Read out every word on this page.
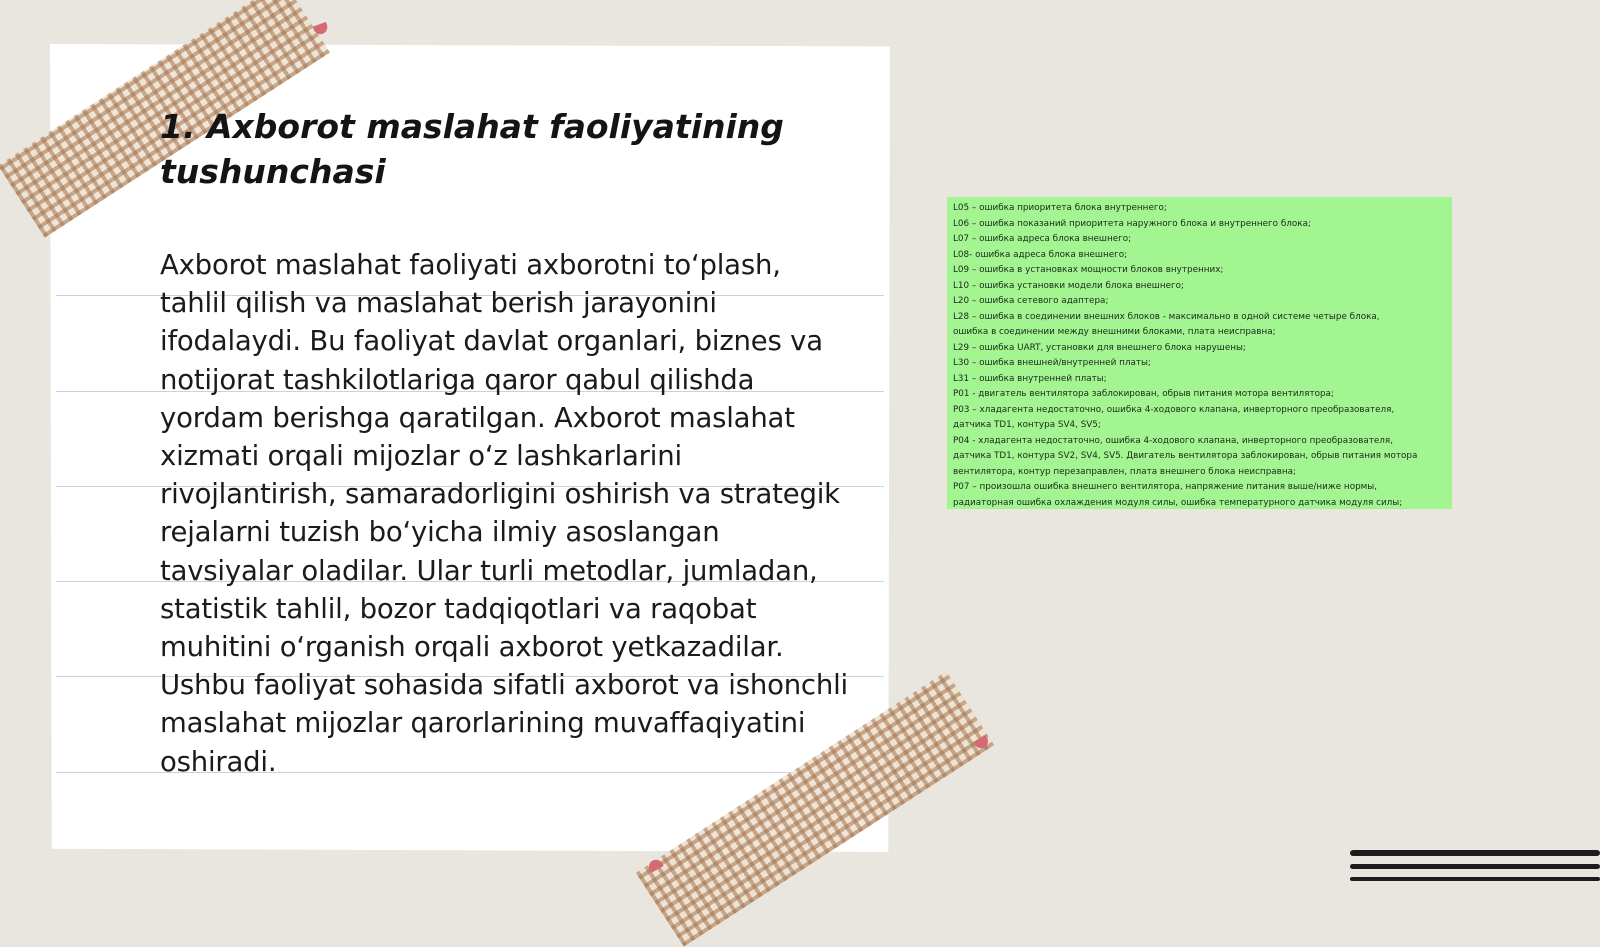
1. Axborot maslahat faoliyatining tushunchasi

Axborot maslahat faoliyati axborotni to‘plash, tahlil qilish va maslahat berish jarayonini ifodalaydi. Bu faoliyat davlat organlari, biznes va notijorat tashkilotlariga qaror qabul qilishda yordam berishga qaratilgan. Axborot maslahat xizmati orqali mijozlar o‘z lashkarlarini rivojlantirish, samaradorligini oshirish va strategik rejalarni tuzish bo‘yicha ilmiy asoslangan tavsiyalar oladilar. Ular turli metodlar, jumladan, statistik tahlil, bozor tadqiqotlari va raqobat muhitini o‘rganish orqali axborot yetkazadilar. Ushbu faoliyat sohasida sifatli axborot va ishonchli maslahat mijozlar qarorlarining muvaffaqiyatini oshiradi.

L05 – ошибка приоритета блока внутреннего;
L06 – ошибка показаний приоритета наружного блока и внутреннего блока;
L07 – ошибка адреса блока внешнего;
L08- ошибка адреса блока внешнего;
L09 – ошибка в установках мощности блоков внутренних;
L10 – ошибка установки модели блока внешнего;
L20 – ошибка сетевого адаптера;
L28 – ошибка в соединении внешних блоков - максимально в одной системе четыре блока,
ошибка в соединении между внешними блоками, плата неисправна;
L29 – ошибка UART, установки для внешнего блока нарушены;
L30 – ошибка внешней/внутренней платы;
L31 – ошибка внутренней платы;
P01 - двигатель вентилятора заблокирован, обрыв питания мотора вентилятора;
P03 – хладагента недостаточно, ошибка 4-ходового клапана, инверторного преобразователя,
датчика TD1, контура SV4, SV5;
P04 - хладагента недостаточно, ошибка 4-ходового клапана, инверторного преобразователя,
датчика TD1, контура SV2, SV4, SV5. Двигатель вентилятора заблокирован, обрыв питания мотора
вентилятора, контур перезаправлен, плата внешнего блока неисправна;
P07 – произошла ошибка внешнего вентилятора, напряжение питания выше/ниже нормы,
радиаторная ошибка охлаждения модуля силы, ошибка температурного датчика модуля силы;
